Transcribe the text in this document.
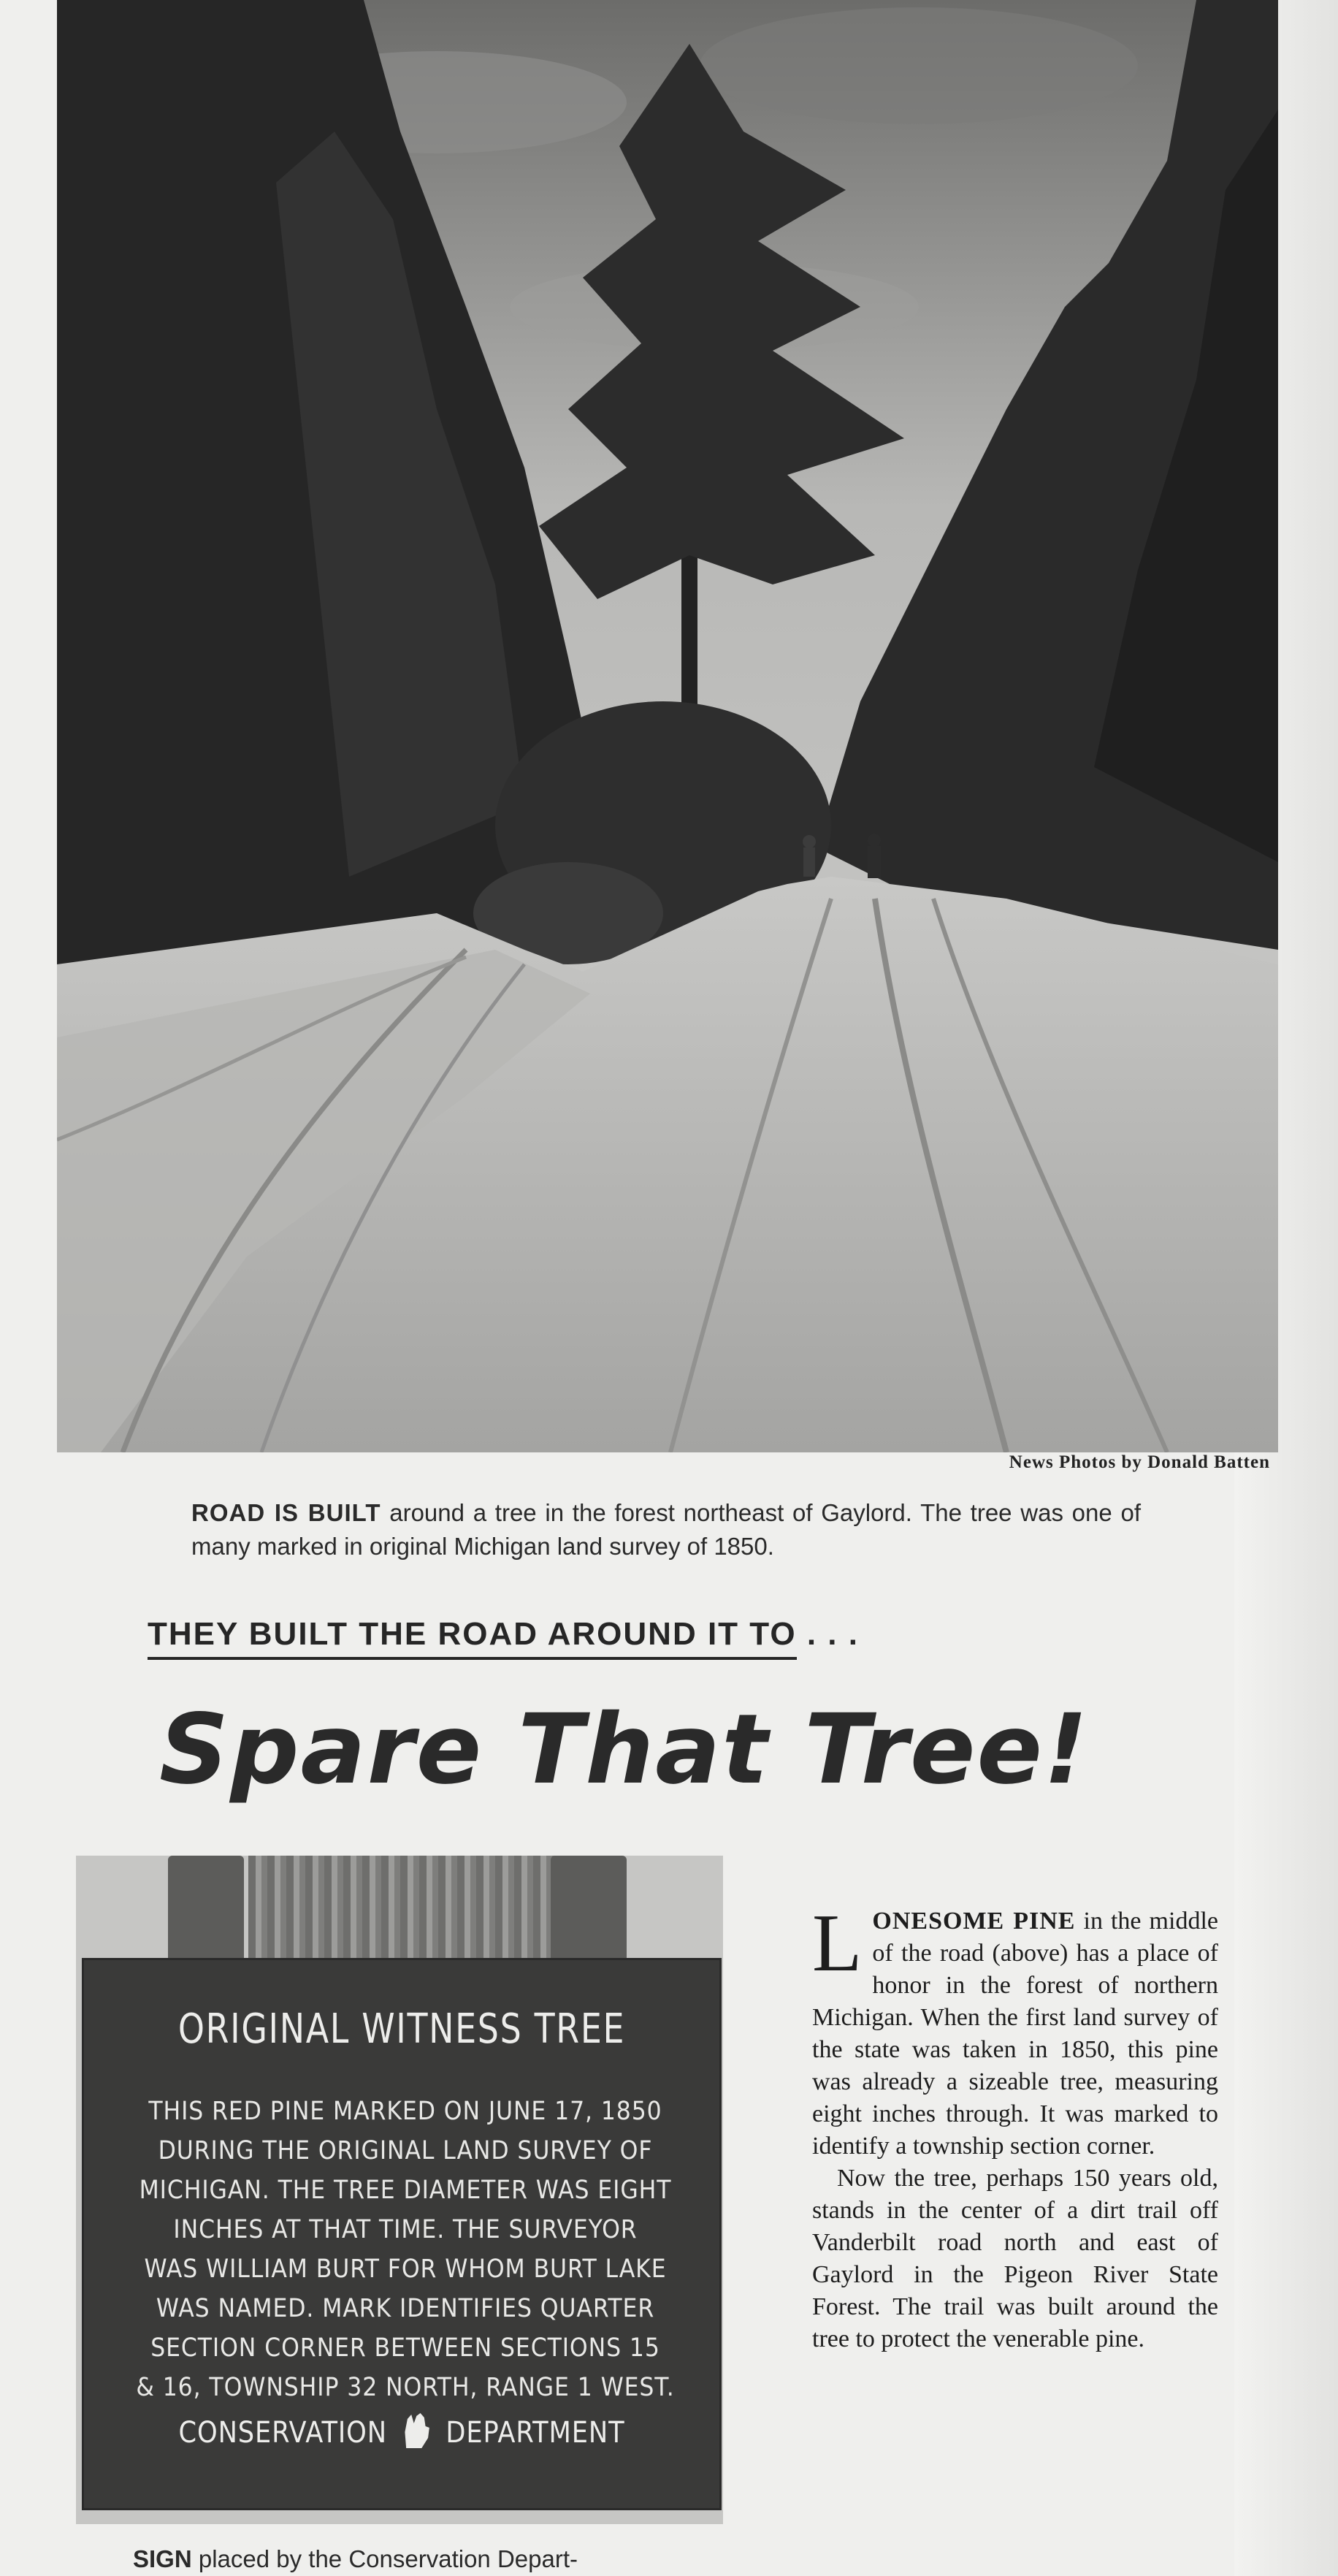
News Photos by Donald Batten
ROAD IS BUILT around a tree in the forest northeast of Gaylord. The tree was one of many marked in original Michigan land survey of 1850.
THEY BUILT THE ROAD AROUND IT TO . . .
Spare That Tree!
ORIGINAL WITNESS TREE
THIS RED PINE MARKED ON JUNE 17, 1850
DURING THE ORIGINAL LAND SURVEY OF
MICHIGAN. THE TREE DIAMETER WAS EIGHT
INCHES AT THAT TIME. THE SURVEYOR
WAS WILLIAM BURT FOR WHOM BURT LAKE
WAS NAMED. MARK IDENTIFIES QUARTER
SECTION CORNER BETWEEN SECTIONS 15
& 16, TOWNSHIP 32 NORTH, RANGE 1 WEST.
CONSERVATION DEPARTMENT
SIGN placed by the Conservation Depart-

LONESOME PINE in the middle of the road (above) has a place of honor in the forest of northern Michigan. When the first land survey of the state was taken in 1850, this pine was already a sizeable tree, measuring eight inches through. It was marked to identify a township section corner.

Now the tree, perhaps 150 years old, stands in the center of a dirt trail off Vanderbilt road north and east of Gaylord in the Pigeon River State Forest. The trail was built around the tree to protect the venerable pine.
